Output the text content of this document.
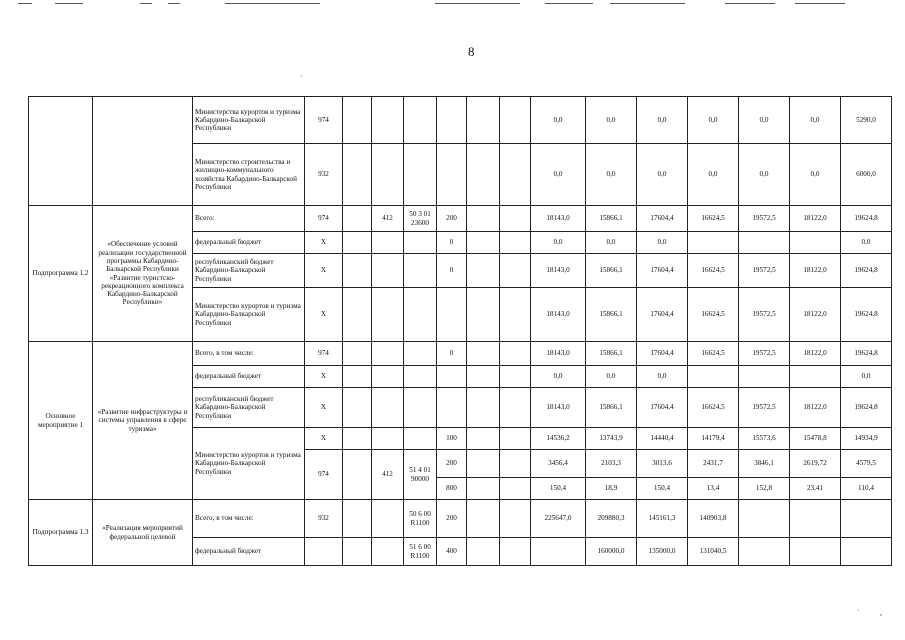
8
		Министерства курортов и туризма Кабардино-Балкарской Республики	974							0,0	0,0	0,0	0,0	0,0	0,0	5290,0
		Министерство строительства и жилищно-коммунального хозяйства Кабардино-Балкарской Республики	932							0,0	0,0	0,0	0,0	0,0	0,0	6000,0
Подпрограмма 1.2	«Обеспечение условий реализации государственной программы Кабардино-Балкарской Республики «Развитие туристско-рекреационного комплекса Кабардино-Балкарской Республики»	Всего:	974		412	50 3 01 23600	200			18143,0	15866,1	17604,4	16624,5	19572,5	18122,0	19624,8
		федеральный бюджет	X				0			0,0	0,0	0,0				0,0
		республиканский бюджет Кабардино-Балкарской Республики	X				0			18143,0	15866,1	17604,4	16624,5	19572,5	18122,0	19624,8
		Министерство курортов и туризма Кабардино-Балкарской Республики	X							18143,0	15866,1	17604,4	16624,5	19572,5	18122,0	19624,8
Основное мероприятие 1	«Развитие инфраструктуры и системы управления в сфере туризма»	Всего, в том числе:	974				0			18143,0	15866,1	17604,4	16624,5	19572,5	18122,0	19624,8
		федеральный бюджет	X							0,0	0,0	0,0				0,0
		республиканский бюджет Кабардино-Балкарской Республики	X							18143,0	15866,1	17604,4	16624,5	19572,5	18122,0	19624,8
		Министерство курортов и туризма Кабардино-Балкарской Республики	X				100			14536,2	13743,9	14440,4	14179,4	15573,6	15478,8	14934,9
			974		412	51 4 01 90000	200			3456,4	2103,3	3013,6	2431,7	3846,1	2619,72	4579,5
							800			150,4	18,9	150,4	13,4	152,8	23,41	110,4
Подпрограмма 1.3	«Реализация мероприятий федеральной целевой	Всего, в том числе:	932			50 6 00 R1100	200			225647,0	209880,3	145161,3	140903,8			
		федеральный бюджет				51 6 00 R1100	400				160000,0	135000,0	131040,5			
·	,
·
